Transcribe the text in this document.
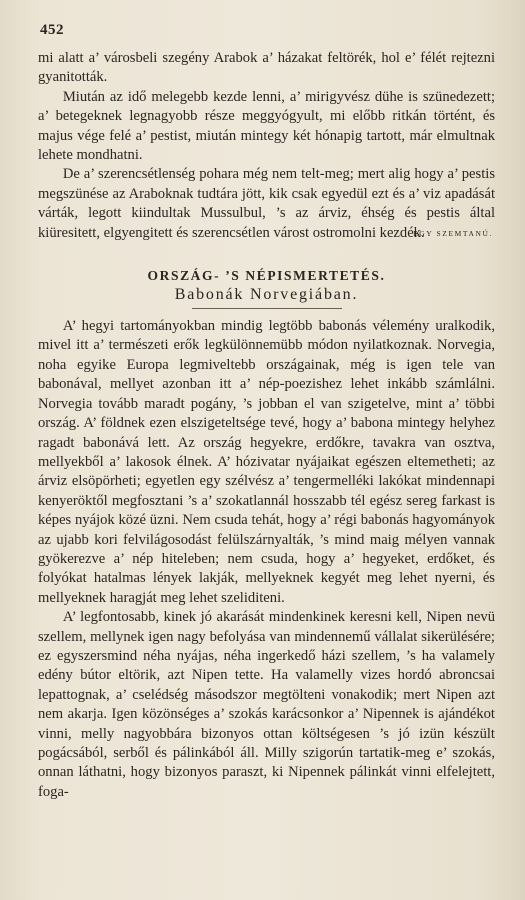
452

mi alatt a’ városbeli szegény Arabok a’ házakat feltörék, hol e’ félét rejtezni gyanitották.

Miután az idő melegebb kezde lenni, a’ mirigyvész dühe is szünedezett; a’ betegeknek legnagyobb része meggyógyult, mi előbb ritkán történt, és majus vége felé a’ pestist, miután mintegy két hónapig tartott, már elmultnak lehete mondhatni.

De a’ szerencsétlenség pohara még nem telt-meg; mert alig hogy a’ pestis megszünése az Araboknak tudtára jött, kik csak egyedül ezt és a’ viz apadását várták, legott kiindultak Mussulbul, ’s az árviz, éhség és pestis által kiüresitett, elgyengitett és szerencsétlen várost ostromolni kezdék.

EGY SZEMTANÚ.
ORSZÁG- ’S NÉPISMERTETÉS.
Babonák Norvegiában.

A’ hegyi tartományokban mindig legtöbb babonás vélemény uralkodik, mivel itt a’ természeti erők legkülönnemübb módon nyilatkoznak. Norvegia, noha egyike Europa legmiveltebb országainak, még is igen tele van babonával, mellyet azonban itt a’ nép-poezishez lehet inkább számlálni. Norvegia tovább maradt pogány, ’s jobban el van szigetelve, mint a’ többi ország. A’ földnek ezen elszigeteltsége tevé, hogy a’ babona mintegy helyhez ragadt babonává lett. Az ország hegyekre, erdőkre, tavakra van osztva, mellyekből a’ lakosok élnek. A’ hózivatar nyájaikat egészen eltemetheti; az árviz elsöpörheti; egyetlen egy szélvész a’ tengermelléki lakókat mindennapi kenyeröktől megfosztani ’s a’ szokatlannál hosszabb tél egész sereg farkast is képes nyájok közé üzni. Nem csuda tehát, hogy a’ régi babonás hagyományok az ujabb kori felvilágosodást felülszárnyalták, ’s mind maig mélyen vannak gyökerezve a’ nép hiteleben; nem csuda, hogy a’ hegyeket, erdőket, és folyókat hatalmas lények lakják, mellyeknek kegyét meg lehet nyerni, és mellyeknek haragját meg lehet szeliditeni.

A’ legfontosabb, kinek jó akarását mindenkinek keresni kell, Nipen nevü szellem, mellynek igen nagy befolyása van mindennemű vállalat sikerülésére; ez egyszersmind néha nyájas, néha ingerkedő házi szellem, ’s ha valamely edény bútor eltörik, azt Nipen tette. Ha valamelly vizes hordó abroncsai lepattognak, a’ cselédség másodszor megtölteni vonakodik; mert Nipen azt nem akarja. Igen közönséges a’ szokás karácsonkor a’ Nipennek is ajándékot vinni, melly nagyobbára bizonyos ottan költségesen ’s jó izün készült pogácsából, serből és pálinkából áll. Milly szigorún tartatik-meg e’ szokás, onnan láthatni, hogy bizonyos paraszt, ki Nipennek pálinkát vinni elfelejtett, foga-
